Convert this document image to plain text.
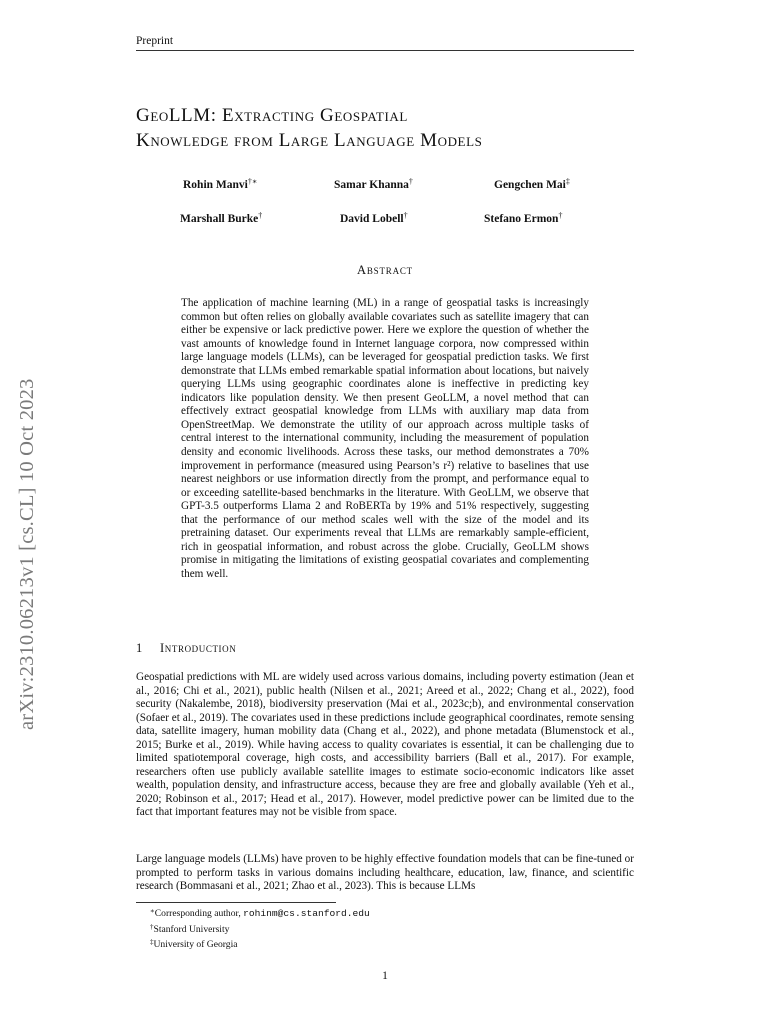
Preprint
arXiv:2310.06213v1 [cs.CL] 10 Oct 2023
GeoLLM: Extracting Geospatial
Knowledge from Large Language Models
Rohin Manvi†∗	Samar Khanna†	Gengchen Mai‡
Marshall Burke†	David Lobell†	Stefano Ermon†
Abstract
The application of machine learning (ML) in a range of geospatial tasks is increasingly common but often relies on globally available covariates such as satellite imagery that can either be expensive or lack predictive power. Here we explore the question of whether the vast amounts of knowledge found in Internet language corpora, now compressed within large language models (LLMs), can be leveraged for geospatial prediction tasks. We first demonstrate that LLMs embed remarkable spatial information about locations, but naively querying LLMs using geographic coordinates alone is ineffective in predicting key indicators like population density. We then present GeoLLM, a novel method that can effectively extract geospatial knowledge from LLMs with auxiliary map data from OpenStreetMap. We demonstrate the utility of our approach across multiple tasks of central interest to the international community, including the measurement of population density and economic livelihoods. Across these tasks, our method demonstrates a 70% improvement in performance (measured using Pearson’s r²) relative to baselines that use nearest neighbors or use information directly from the prompt, and performance equal to or exceeding satellite-based benchmarks in the literature. With GeoLLM, we observe that GPT-3.5 outperforms Llama 2 and RoBERTa by 19% and 51% respectively, suggesting that the performance of our method scales well with the size of the model and its pretraining dataset. Our experiments reveal that LLMs are remarkably sample-efficient, rich in geospatial information, and robust across the globe. Crucially, GeoLLM shows promise in mitigating the limitations of existing geospatial covariates and complementing them well.
1 Introduction
Geospatial predictions with ML are widely used across various domains, including poverty estimation (Jean et al., 2016; Chi et al., 2021), public health (Nilsen et al., 2021; Areed et al., 2022; Chang et al., 2022), food security (Nakalembe, 2018), biodiversity preservation (Mai et al., 2023c;b), and environmental conservation (Sofaer et al., 2019). The covariates used in these predictions include geographical coordinates, remote sensing data, satellite imagery, human mobility data (Chang et al., 2022), and phone metadata (Blumenstock et al., 2015; Burke et al., 2019). While having access to quality covariates is essential, it can be challenging due to limited spatiotemporal coverage, high costs, and accessibility barriers (Ball et al., 2017). For example, researchers often use publicly available satellite images to estimate socio-economic indicators like asset wealth, population density, and infrastructure access, because they are free and globally available (Yeh et al., 2020; Robinson et al., 2017; Head et al., 2017). However, model predictive power can be limited due to the fact that important features may not be visible from space.
Large language models (LLMs) have proven to be highly effective foundation models that can be fine-tuned or prompted to perform tasks in various domains including healthcare, education, law, finance, and scientific research (Bommasani et al., 2021; Zhao et al., 2023). This is because LLMs
∗Corresponding author, rohinm@cs.stanford.edu
†Stanford University
‡University of Georgia
1
